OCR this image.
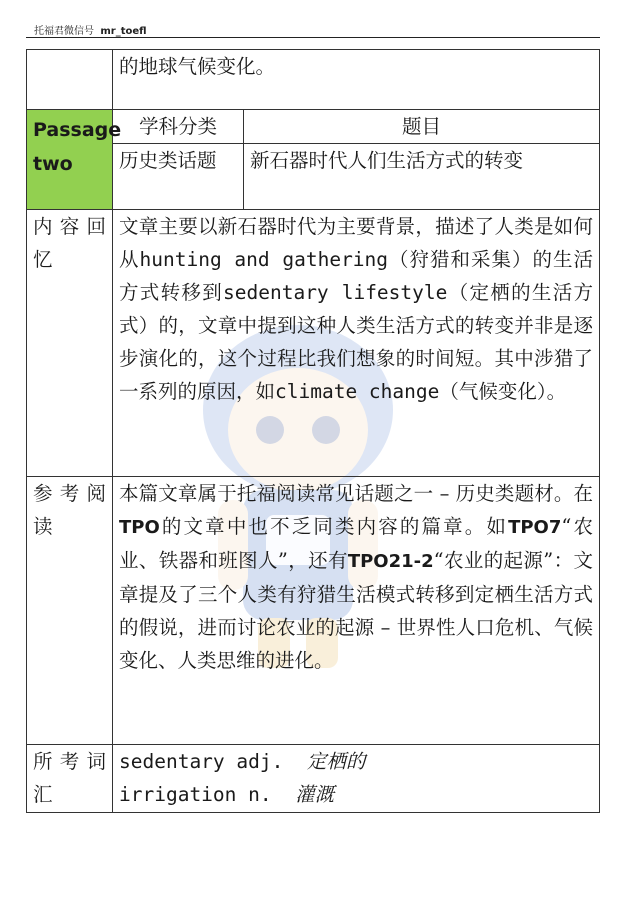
托福君微信号 mr_toefl
	的地球气候变化。	
Passage
two	学科分类	题目
	历史类话题	新石器时代人们生活方式的转变
内容回忆	文章主要以新石器时代为主要背景，描述了人类是如何从hunting and gathering（狩猎和采集）的生活方式转移到sedentary lifestyle（定栖的生活方式）的，文章中提到这种人类生活方式的转变并非是逐步演化的，这个过程比我们想象的时间短。其中涉猎了一系列的原因，如climate change（气候变化）。	
参考阅读	本篇文章属于托福阅读常见话题之一 – 历史类题材。在TPO的文章中也不乏同类内容的篇章。如TPO7“农业、铁器和班图人”，还有TPO21-2“农业的起源”：文章提及了三个人类有狩猎生活模式转移到定栖生活方式的假说，进而讨论农业的起源 – 世界性人口危机、气候变化、人类思维的进化。	
所考词汇	sedentary adj. 定栖的
irrigation n. 灌溉	
